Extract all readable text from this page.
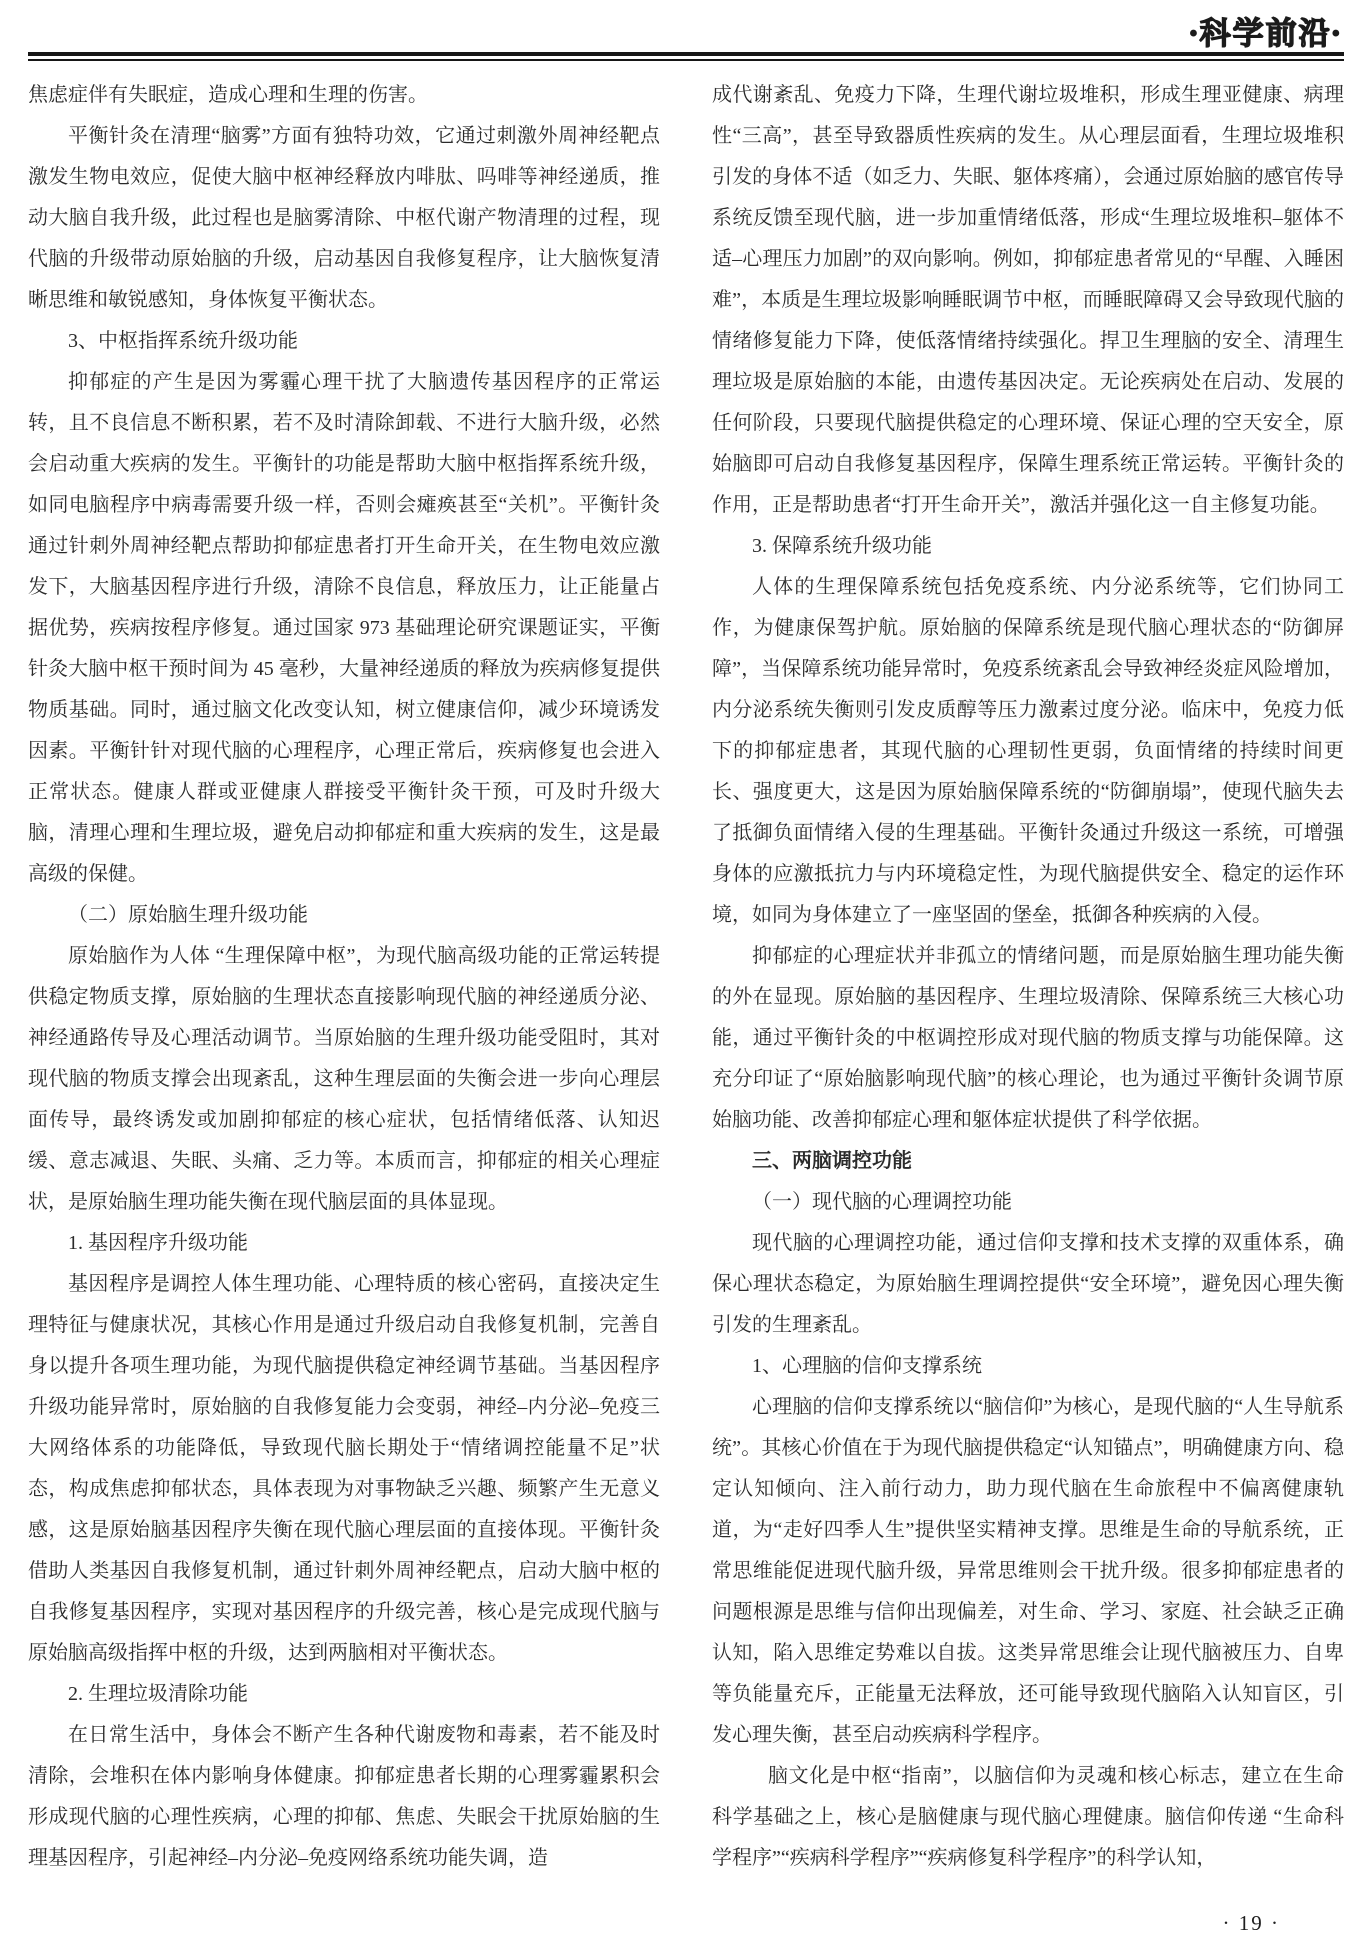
•科学前沿•

焦虑症伴有失眠症，造成心理和生理的伤害。

平衡针灸在清理“脑雾”方面有独特功效，它通过刺激外周神经靶点激发生物电效应，促使大脑中枢神经释放内啡肽、吗啡等神经递质，推动大脑自我升级，此过程也是脑雾清除、中枢代谢产物清理的过程，现代脑的升级带动原始脑的升级，启动基因自我修复程序，让大脑恢复清晰思维和敏锐感知，身体恢复平衡状态。

3、中枢指挥系统升级功能

抑郁症的产生是因为雾霾心理干扰了大脑遗传基因程序的正常运转，且不良信息不断积累，若不及时清除卸载、不进行大脑升级，必然会启动重大疾病的发生。平衡针的功能是帮助大脑中枢指挥系统升级，如同电脑程序中病毒需要升级一样，否则会瘫痪甚至“关机”。平衡针灸通过针刺外周神经靶点帮助抑郁症患者打开生命开关，在生物电效应激发下，大脑基因程序进行升级，清除不良信息，释放压力，让正能量占据优势，疾病按程序修复。通过国家 973 基础理论研究课题证实，平衡针灸大脑中枢干预时间为 45 毫秒，大量神经递质的释放为疾病修复提供物质基础。同时，通过脑文化改变认知，树立健康信仰，减少环境诱发因素。平衡针针对现代脑的心理程序，心理正常后，疾病修复也会进入正常状态。健康人群或亚健康人群接受平衡针灸干预，可及时升级大脑，清理心理和生理垃圾，避免启动抑郁症和重大疾病的发生，这是最高级的保健。

（二）原始脑生理升级功能

原始脑作为人体 “生理保障中枢”，为现代脑高级功能的正常运转提供稳定物质支撑，原始脑的生理状态直接影响现代脑的神经递质分泌、神经通路传导及心理活动调节。当原始脑的生理升级功能受阻时，其对现代脑的物质支撑会出现紊乱，这种生理层面的失衡会进一步向心理层面传导，最终诱发或加剧抑郁症的核心症状，包括情绪低落、认知迟缓、意志减退、失眠、头痛、乏力等。本质而言，抑郁症的相关心理症状，是原始脑生理功能失衡在现代脑层面的具体显现。

1. 基因程序升级功能

基因程序是调控人体生理功能、心理特质的核心密码，直接决定生理特征与健康状况，其核心作用是通过升级启动自我修复机制，完善自身以提升各项生理功能，为现代脑提供稳定神经调节基础。当基因程序升级功能异常时，原始脑的自我修复能力会变弱，神经–内分泌–免疫三大网络体系的功能降低，导致现代脑长期处于“情绪调控能量不足”状态，构成焦虑抑郁状态，具体表现为对事物缺乏兴趣、频繁产生无意义感，这是原始脑基因程序失衡在现代脑心理层面的直接体现。平衡针灸借助人类基因自我修复机制，通过针刺外周神经靶点，启动大脑中枢的自我修复基因程序，实现对基因程序的升级完善，核心是完成现代脑与原始脑高级指挥中枢的升级，达到两脑相对平衡状态。

2. 生理垃圾清除功能

在日常生活中，身体会不断产生各种代谢废物和毒素，若不能及时清除，会堆积在体内影响身体健康。抑郁症患者长期的心理雾霾累积会形成现代脑的心理性疾病，心理的抑郁、焦虑、失眠会干扰原始脑的生理基因程序，引起神经–内分泌–免疫网络系统功能失调，造

成代谢紊乱、免疫力下降，生理代谢垃圾堆积，形成生理亚健康、病理性“三高”，甚至导致器质性疾病的发生。从心理层面看，生理垃圾堆积引发的身体不适（如乏力、失眠、躯体疼痛），会通过原始脑的感官传导系统反馈至现代脑，进一步加重情绪低落，形成“生理垃圾堆积–躯体不适–心理压力加剧”的双向影响。例如，抑郁症患者常见的“早醒、入睡困难”，本质是生理垃圾影响睡眠调节中枢，而睡眠障碍又会导致现代脑的情绪修复能力下降，使低落情绪持续强化。捍卫生理脑的安全、清理生理垃圾是原始脑的本能，由遗传基因决定。无论疾病处在启动、发展的任何阶段，只要现代脑提供稳定的心理环境、保证心理的空天安全，原始脑即可启动自我修复基因程序，保障生理系统正常运转。平衡针灸的作用，正是帮助患者“打开生命开关”，激活并强化这一自主修复功能。

3. 保障系统升级功能

人体的生理保障系统包括免疫系统、内分泌系统等，它们协同工作，为健康保驾护航。原始脑的保障系统是现代脑心理状态的“防御屏障”，当保障系统功能异常时，免疫系统紊乱会导致神经炎症风险增加，内分泌系统失衡则引发皮质醇等压力激素过度分泌。临床中，免疫力低下的抑郁症患者，其现代脑的心理韧性更弱，负面情绪的持续时间更长、强度更大，这是因为原始脑保障系统的“防御崩塌”，使现代脑失去了抵御负面情绪入侵的生理基础。平衡针灸通过升级这一系统，可增强身体的应激抵抗力与内环境稳定性，为现代脑提供安全、稳定的运作环境，如同为身体建立了一座坚固的堡垒，抵御各种疾病的入侵。

抑郁症的心理症状并非孤立的情绪问题，而是原始脑生理功能失衡的外在显现。原始脑的基因程序、生理垃圾清除、保障系统三大核心功能，通过平衡针灸的中枢调控形成对现代脑的物质支撑与功能保障。这充分印证了“原始脑影响现代脑”的核心理论，也为通过平衡针灸调节原始脑功能、改善抑郁症心理和躯体症状提供了科学依据。

三、两脑调控功能

（一）现代脑的心理调控功能

现代脑的心理调控功能，通过信仰支撑和技术支撑的双重体系，确保心理状态稳定，为原始脑生理调控提供“安全环境”，避免因心理失衡引发的生理紊乱。

1、心理脑的信仰支撑系统

心理脑的信仰支撑系统以“脑信仰”为核心，是现代脑的“人生导航系统”。其核心价值在于为现代脑提供稳定“认知锚点”，明确健康方向、稳定认知倾向、注入前行动力，助力现代脑在生命旅程中不偏离健康轨道，为“走好四季人生”提供坚实精神支撑。思维是生命的导航系统，正常思维能促进现代脑升级，异常思维则会干扰升级。很多抑郁症患者的问题根源是思维与信仰出现偏差，对生命、学习、家庭、社会缺乏正确认知，陷入思维定势难以自拔。这类异常思维会让现代脑被压力、自卑等负能量充斥，正能量无法释放，还可能导致现代脑陷入认知盲区，引发心理失衡，甚至启动疾病科学程序。

脑文化是中枢“指南”，以脑信仰为灵魂和核心标志，建立在生命科学基础之上，核心是脑健康与现代脑心理健康。脑信仰传递 “生命科学程序”“疾病科学程序”“疾病修复科学程序”的科学认知，

· 19 ·
